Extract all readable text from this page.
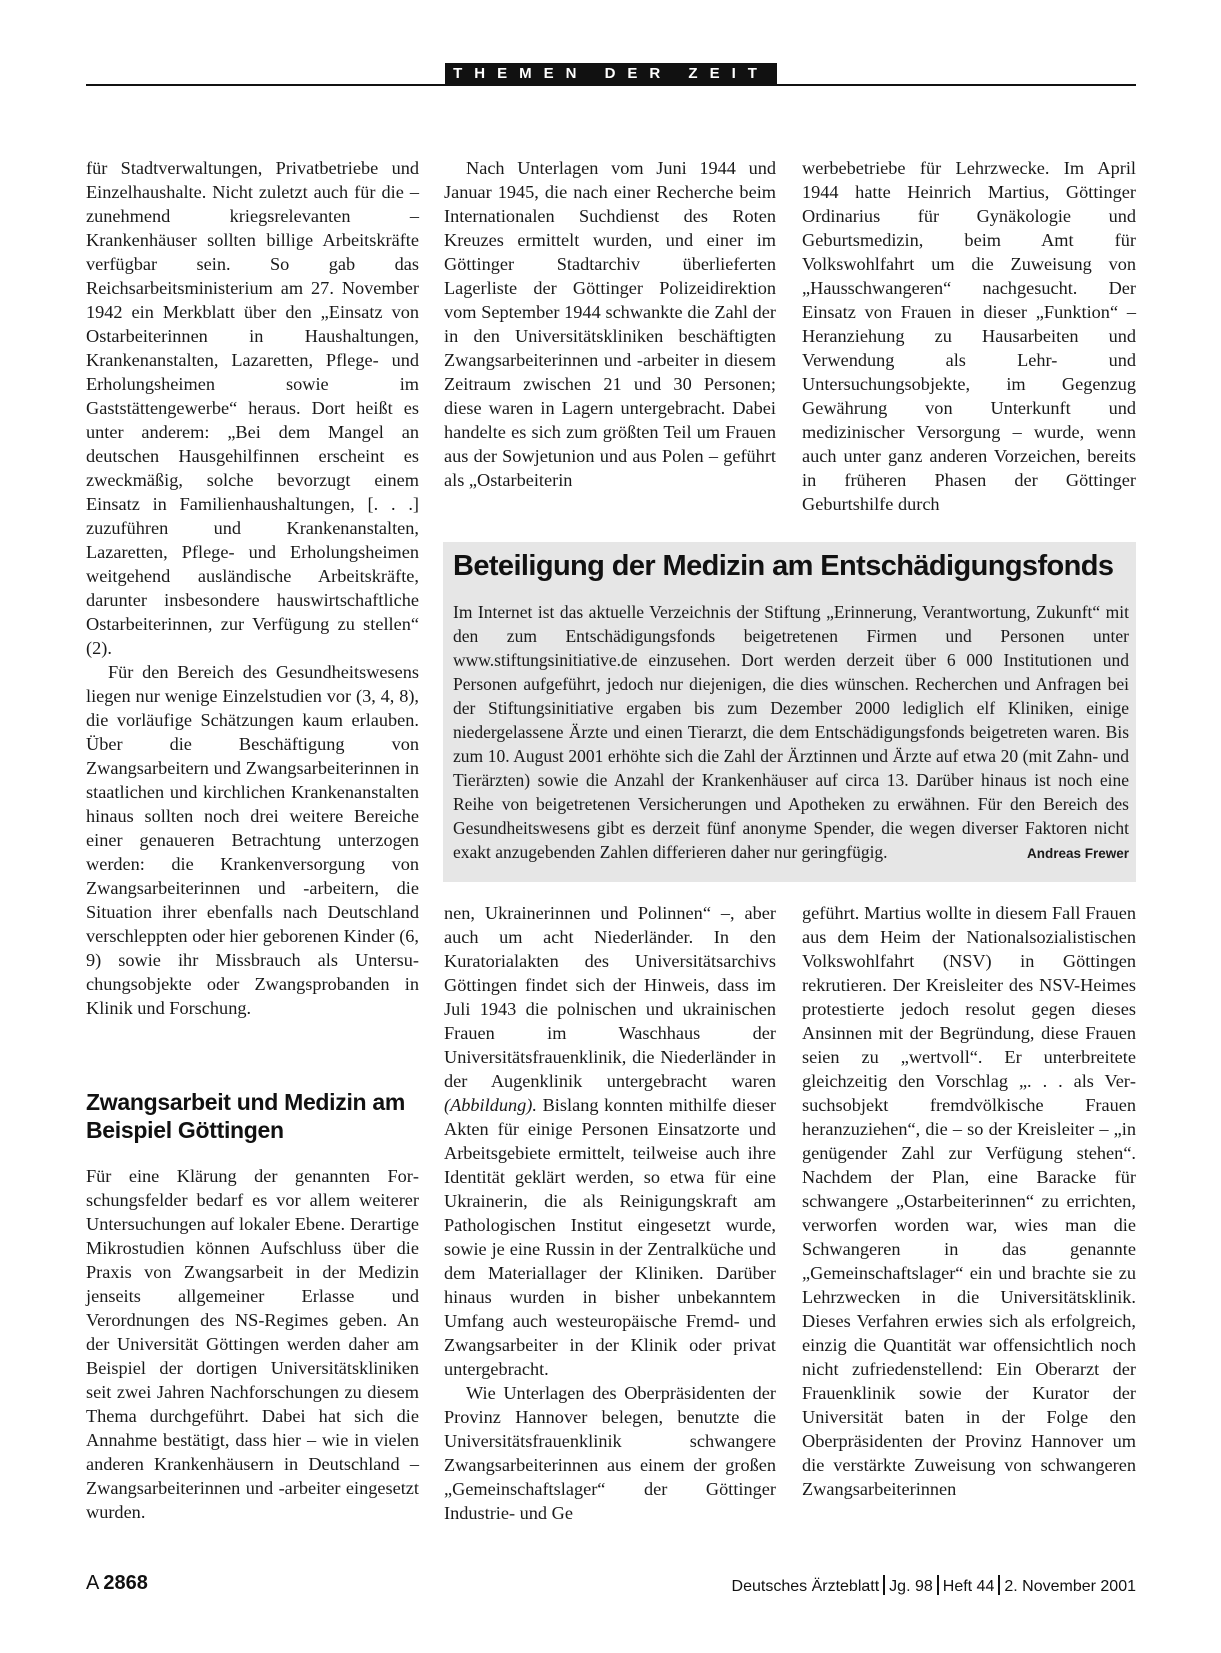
THEMEN DER ZEIT

für Stadtverwaltungen, Privatbetriebe und Einzelhaushalte. Nicht zuletzt auch für die – zunehmend kriegsrelevanten – Krankenhäuser sollten billige Arbeitskräfte verfügbar sein. So gab das Reichsarbeitsministerium am 27. November 1942 ein Merkblatt über den „Einsatz von Ostarbeiterinnen in Haushaltungen, Krankenanstalten, Lazaretten, Pflege- und Erholungsheimen sowie im Gaststättengewerbe“ heraus. Dort heißt es unter anderem: „Bei dem Mangel an deutschen Hausgehilfinnen erscheint es zweckmäßig, solche bevorzugt einem Einsatz in Familienhaushaltungen, [. . .] zuzuführen und Krankenanstalten, Lazaretten, Pflege- und Erholungsheimen weitgehend ausländische Arbeitskräfte, darunter insbesondere hauswirtschaftliche Ostarbeiterinnen, zur Verfügung zu stellen“ (2).

Für den Bereich des Gesundheitswesens liegen nur wenige Einzelstudien vor (3, 4, 8), die vorläufige Schätzungen kaum erlauben. Über die Beschäftigung von Zwangsarbeitern und Zwangsarbeiterinnen in staatlichen und kirchlichen Krankenanstalten hinaus sollten noch drei weitere Bereiche einer genaueren Betrachtung unterzogen werden: die Krankenversorgung von Zwangsarbeiterinnen und -arbeitern, die Situation ihrer ebenfalls nach Deutschland verschleppten oder hier geborenen Kinder (6, 9) sowie ihr Missbrauch als Untersuchungsobjekte oder Zwangsprobanden in Klinik und Forschung.

Zwangsarbeit und Medizin am Beispiel Göttingen

Für eine Klärung der genannten Forschungsfelder bedarf es vor allem weiterer Untersuchungen auf lokaler Ebene. Derartige Mikrostudien können Aufschluss über die Praxis von Zwangsarbeit in der Medizin jenseits allgemeiner Erlasse und Verordnungen des NS-Regimes geben. An der Universität Göttingen werden daher am Beispiel der dortigen Universitätskliniken seit zwei Jahren Nachforschungen zu diesem Thema durchgeführt. Dabei hat sich die Annahme bestätigt, dass hier – wie in vielen anderen Krankenhäusern in Deutschland – Zwangsarbeiterinnen und -arbeiter eingesetzt wurden.

Nach Unterlagen vom Juni 1944 und Januar 1945, die nach einer Recherche beim Internationalen Suchdienst des Roten Kreuzes ermittelt wurden, und einer im Göttinger Stadtarchiv überlieferten Lagerliste der Göttinger Polizeidirektion vom September 1944 schwankte die Zahl der in den Universitätskliniken beschäftigten Zwangsarbeiterinnen und -arbeiter in diesem Zeitraum zwischen 21 und 30 Personen; diese waren in Lagern untergebracht. Dabei handelte es sich zum größten Teil um Frauen aus der Sowjetunion und aus Polen – geführt als „Ostarbeiterin

werbebetriebe für Lehrzwecke. Im April 1944 hatte Heinrich Martius, Göttinger Ordinarius für Gynäkologie und Geburtsmedizin, beim Amt für Volkswohlfahrt um die Zuweisung von „Hausschwangeren“ nachgesucht. Der Einsatz von Frauen in dieser „Funktion“ – Heranziehung zu Hausarbeiten und Verwendung als Lehr- und Untersuchungsobjekte, im Gegenzug Gewährung von Unterkunft und medizinischer Versorgung – wurde, wenn auch unter ganz anderen Vorzeichen, bereits in früheren Phasen der Göttinger Geburtshilfe durch

Beteiligung der Medizin am Entschädigungsfonds
Im Internet ist das aktuelle Verzeichnis der Stiftung „Erinnerung, Verantwortung, Zukunft“ mit den zum Entschädigungsfonds beigetretenen Firmen und Personen unter www.stiftungsinitiative.de einzusehen. Dort werden derzeit über 6 000 Institutionen und Personen aufgeführt, jedoch nur diejenigen, die dies wünschen. Recherchen und Anfragen bei der Stiftungsinitiative ergaben bis zum Dezember 2000 lediglich elf Kliniken, einige niedergelassene Ärzte und einen Tierarzt, die dem Entschädigungsfonds beigetreten waren. Bis zum 10. August 2001 erhöhte sich die Zahl der Ärztinnen und Ärzte auf etwa 20 (mit Zahn- und Tierärzten) sowie die Anzahl der Krankenhäuser auf circa 13. Darüber hinaus ist noch eine Reihe von beigetretenen Versicherungen und Apotheken zu erwähnen. Für den Bereich des Gesundheitswesens gibt es derzeit fünf anonyme Spender, die wegen diverser Faktoren nicht exakt anzugebenden Zahlen differieren daher nur geringfügig.	Andreas Frewer

nen, Ukrainerinnen und Polinnen“ –, aber auch um acht Niederländer. In den Kuratorialakten des Universitätsarchivs Göttingen findet sich der Hinweis, dass im Juli 1943 die polnischen und ukrainischen Frauen im Waschhaus der Universitätsfrauenklinik, die Niederländer in der Augenklinik untergebracht waren (Abbildung). Bislang konnten mithilfe dieser Akten für einige Personen Einsatzorte und Arbeitsgebiete ermittelt, teilweise auch ihre Identität geklärt werden, so etwa für eine Ukrainerin, die als Reinigungskraft am Pathologischen Institut eingesetzt wurde, sowie je eine Russin in der Zentralküche und dem Materiallager der Kliniken. Darüber hinaus wurden in bisher unbekanntem Umfang auch westeuropäische Fremd- und Zwangsarbeiter in der Klinik oder privat untergebracht.

Wie Unterlagen des Oberpräsidenten der Provinz Hannover belegen, benutzte die Universitätsfrauenklinik schwangere Zwangsarbeiterinnen aus einem der großen „Gemeinschaftslager“ der Göttinger Industrie- und Ge

geführt. Martius wollte in diesem Fall Frauen aus dem Heim der Nationalsozialistischen Volkswohlfahrt (NSV) in Göttingen rekrutieren. Der Kreisleiter des NSV-Heimes protestierte jedoch resolut gegen dieses Ansinnen mit der Begründung, diese Frauen seien zu „wertvoll“. Er unterbreitete gleichzeitig den Vorschlag „. . . als Versuchsobjekt fremdvölkische Frauen heranzuziehen“, die – so der Kreisleiter – „in genügender Zahl zur Verfügung stehen“. Nachdem der Plan, eine Baracke für schwangere „Ostarbeiterinnen“ zu errichten, verworfen worden war, wies man die Schwangeren in das genannte „Gemeinschaftslager“ ein und brachte sie zu Lehrzwecken in die Universitätsklinik. Dieses Verfahren erwies sich als erfolgreich, einzig die Quantität war offensichtlich noch nicht zufriedenstellend: Ein Oberarzt der Frauenklinik sowie der Kurator der Universität baten in der Folge den Oberpräsidenten der Provinz Hannover um die verstärkte Zuweisung von schwangeren Zwangsarbeiterinnen

A 2868	Deutsches Ärzteblatt Jg. 98 Heft 44 2. November 2001
